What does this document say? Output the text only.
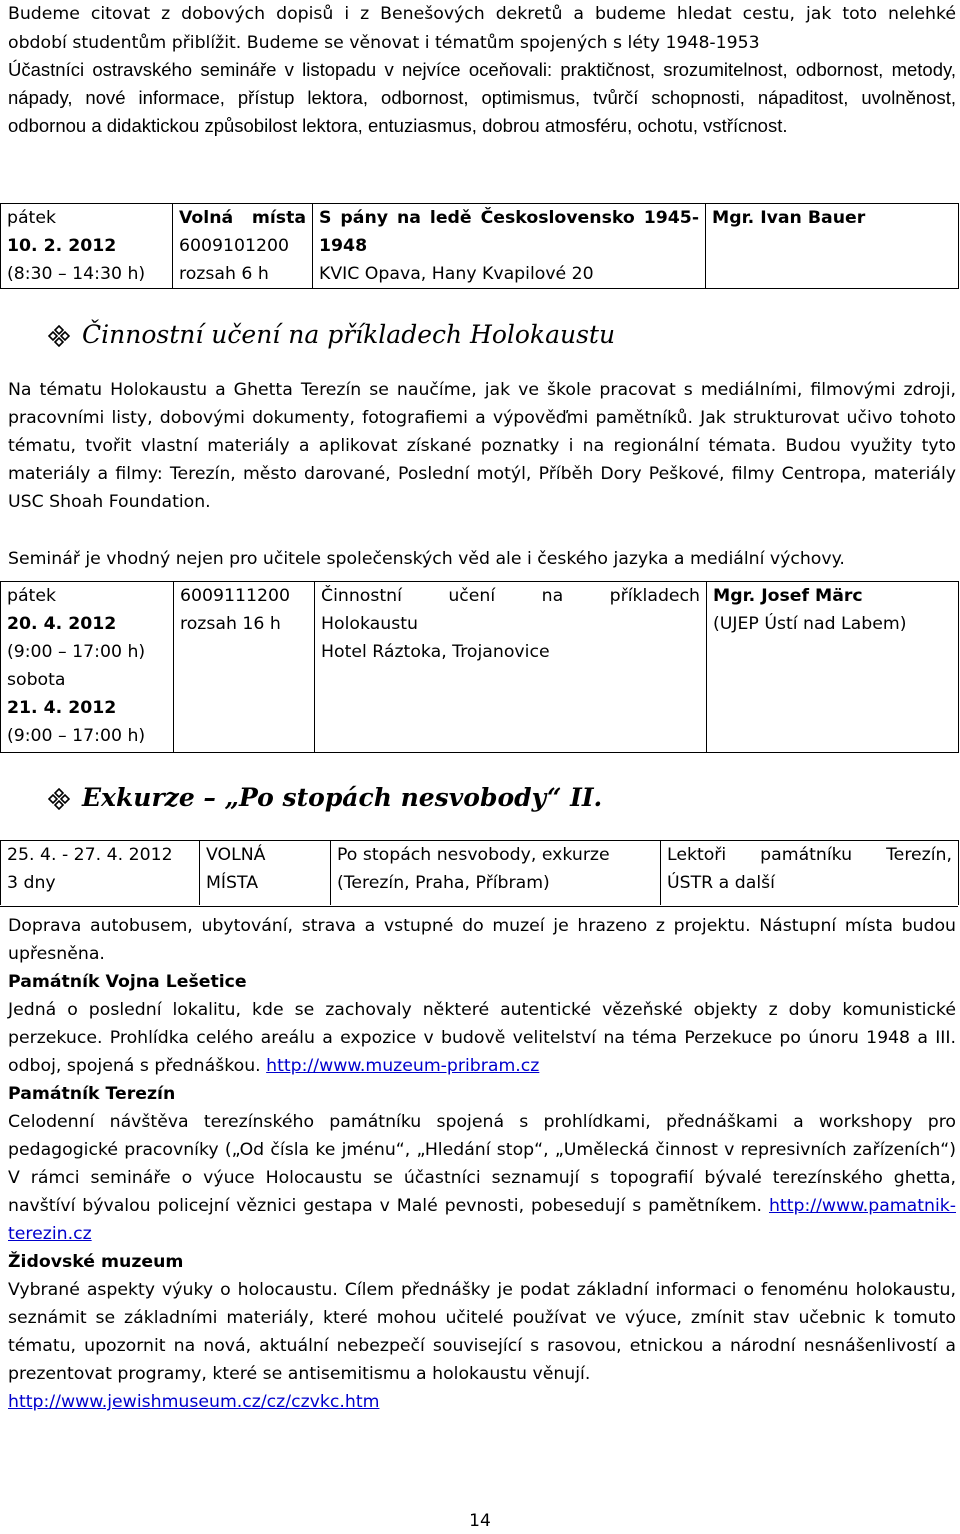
Budeme citovat z dobových dopisů i z Benešových dekretů a budeme hledat cestu, jak toto nelehké
období studentům přiblížit. Budeme se věnovat i tématům spojených s léty 1948-1953
Účastníci ostravského semináře v listopadu v nejvíce oceňovali: praktičnost, srozumitelnost, odbornost, metody, nápady, nové informace, přístup lektora, odbornost, optimismus, tvůrčí schopnosti, nápaditost, uvolněnost, odbornou a didaktickou způsobilost lektora, entuziasmus, dobrou atmosféru, ochotu, vstřícnost.
pátek
10. 2. 2012
(8:30 – 14:30 h)

Volná místa
6009101200
rozsah 6 h

S pány na ledě Československo 1945-1948
KVIC Opava, Hany Kvapilové 20

Mgr. Ivan Bauer
Činnostní učení na příkladech Holokaustu
Na tématu Holokaustu a Ghetta Terezín se naučíme, jak ve škole pracovat s mediálními, filmovými zdroji, pracovními listy, dobovými dokumenty, fotografiemi a výpověďmi pamětníků. Jak strukturovat učivo tohoto tématu, tvořit vlastní materiály a aplikovat získané poznatky i na regionální témata. Budou využity tyto materiály a filmy: Terezín, město darované, Poslední motýl, Příběh Dory Peškové, filmy Centropa, materiály USC Shoah Foundation.
Seminář je vhodný nejen pro učitele společenských věd ale i českého jazyka a mediální výchovy.
pátek
20. 4. 2012
(9:00 – 17:00 h)
sobota
21. 4. 2012
(9:00 – 17:00 h)

6009111200
rozsah 16 h

Činnostní učení na příkladech
Holokaustu
Hotel Ráztoka, Trojanovice

Mgr. Josef Märc
(UJEP Ústí nad Labem)
Exkurze – „Po stopách nesvobody“ II.
25. 4. - 27. 4. 2012
3 dny

VOLNÁ
MÍSTA

Po stopách nesvobody, exkurze
(Terezín, Praha, Příbram)

Lektoři památníku Terezín,
ÚSTR a další
Doprava autobusem, ubytování, strava a vstupné do muzeí je hrazeno z projektu. Nástupní místa budou upřesněna.
Památník Vojna Lešetice
Jedná o poslední lokalitu, kde se zachovaly některé autentické vězeňské objekty z doby komunistické perzekuce. Prohlídka celého areálu a expozice v budově velitelství na téma Perzekuce po únoru 1948 a III. odboj, spojená s přednáškou. http://www.muzeum-pribram.cz
Památník Terezín
Celodenní návštěva terezínského památníku spojená s prohlídkami, přednáškami a workshopy pro pedagogické pracovníky („Od čísla ke jménu“, „Hledání stop“, „Umělecká činnost v represivních zařízeních“) V rámci semináře o výuce Holocaustu se účastníci seznamují s topografií bývalé terezínského ghetta, navštíví bývalou policejní věznici gestapa v Malé pevnosti, pobesedují s pamětníkem. http://www.pamatnik-terezin.cz
Židovské muzeum
Vybrané aspekty výuky o holocaustu. Cílem přednášky je podat základní informaci o fenoménu holokaustu, seznámit se základními materiály, které mohou učitelé používat ve výuce, zmínit stav učebnic k tomuto tématu, upozornit na nová, aktuální nebezpečí související s rasovou, etnickou a národní nesnášenlivostí a prezentovat programy, které se antisemitismu a holokaustu věnují.
http://www.jewishmuseum.cz/cz/czvkc.htm
14
